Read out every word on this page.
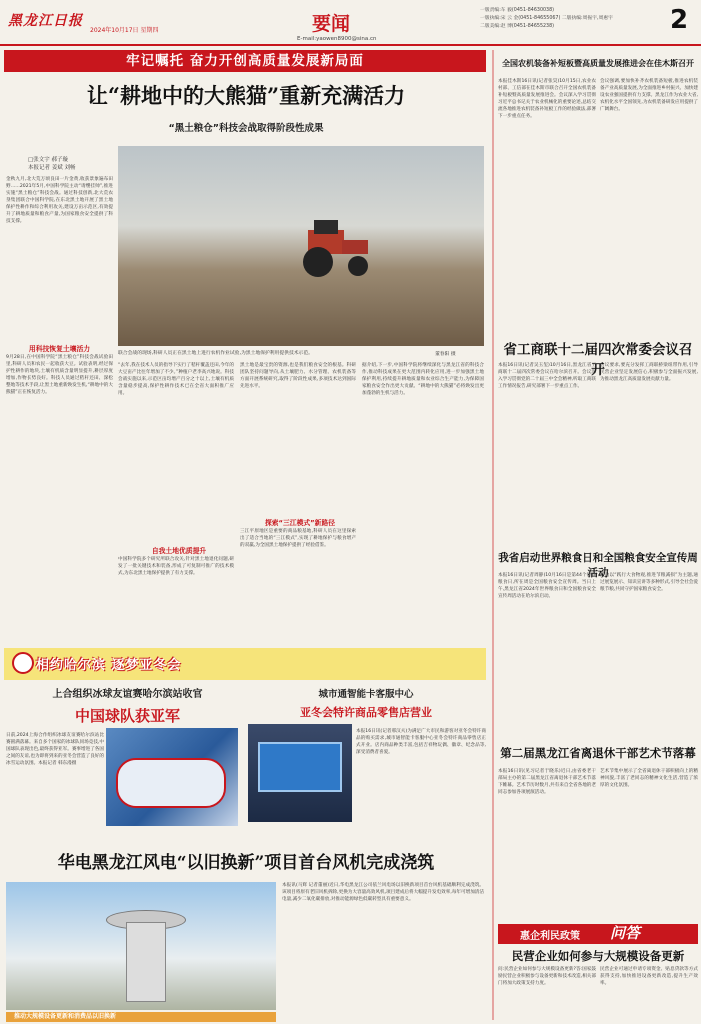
黑龙江日报
2024年10月17日 星期四	要闻
E-mail:yaowen8900@sina.cn
一版责编:车 毅(0451-84630038)
一版执编:宋 云 金(0451-84655067) 二版执编:周振宇,周惠宇
二版美编:赵 博(0451-84655238)	2
牢记嘱托 奋力开创高质量发展新局面
让“耕地中的大熊猫”重新充满活力
“黑土粮仓”科技会战取得阶段性成果
□张文宇 郝子璇
本报记者 姜斌 刘畅
金秋九月,北大荒万顷良田一片金黄,收获景象遍布田野……2021年5月,中国科学院主动“请缨挂帅”,推进实施“黑土粮仓”科技会战。通过科技创新,北大荒农垦集团联合中国科学院,在东北黑土地开展了黑土地保护性耕作和综合利用攻关,建设万亩示范区,有效提升了耕地质量和粮食产量,为国家粮食安全提供了科技支撑。
联合会战的现场,科研人员正在黑土地上进行农机作业试验,为黑土地保护利用提供技术示范。	董春阳 摄
用科技恢复土壤活力
9月28日,在中国科学院“黑土粮仓”科技会战试验田里,科研人员和农民一起收获大豆。试验表明,经过保护性耕作的地块,土壤有机质含量明显提升,耕层厚度增加,作物长势良好。科技人员通过秸秆还田、深松整地等技术手段,让黑土地重新焕发生机,“耕地中的大熊猫”正在恢复活力。
“去年,我在技术人员的指导下实行了秸秆覆盖还田,今年的大豆亩产比往年增加了不少。”种植户老李高兴地说。科技会战实施以来,示范区亩均增产百分之十以上,土壤有机质含量稳步提高,保护性耕作技术已在全省大面积推广应用。
自我土地优质提升
中国科学院多个研究所联合攻关,针对黑土地退化问题,研发了一批关键技术和装备,形成了可复制可推广的技术模式,为东北黑土地保护提供了有力支撑。
黑土地是最宝贵的资源,也是我们粮食安全的根基。科研团队坚持问题导向,从土壤肥力、水分管理、农机装备等方面开展系统研究,取得了阶段性成果,多项技术达到国际先进水平。
探索“三江模式”新路径
三江平原地区是重要的商品粮基地,科研人员在这里探索出了适合当地的“三江模式”,实现了耕地保护与粮食增产的双赢,为全国黑土地保护提供了经验借鉴。
据介绍,下一步,中国科学院将继续深化与黑龙江省的科技合作,推动科技成果在更大范围内转化应用,进一步加强黑土地保护利用,持续提升耕地质量和农业综合生产能力,为保障国家粮食安全作出更大贡献。“耕地中的大熊猫”必将焕发出更加蓬勃的生机与活力。
相约哈尔滨 逐梦亚冬会
上合组织冰球友谊赛哈尔滨站收官
中国球队获亚军
日前,2024上海合作组织冰球友谊赛哈尔滨站比赛圆满落幕。来自多个国家的冰球队同场竞技,中国球队表现出色,最终获得亚军。赛事增进了各国之间的友谊,也为即将到来的亚冬会营造了良好的冰雪运动氛围。本报记者 韩东漫摄
城市通智能卡客服中心
亚冬会特许商品零售店营业
本报16日讯(记者邢汉夫)为满足广大市民和游客对亚冬会特许商品的购买需求,城市通智能卡客服中心亚冬会特许商品零售店正式开业。店内商品种类丰富,包括吉祥物玩偶、徽章、纪念品等,深受消费者喜爱。
华电黑龙江风电“以旧换新”项目首台风机完成浇筑
本报讯(马辉 记者董丽)近日,华电黑龙江公司依兰风电场以旧换新项目首台风机基础顺利完成浇筑。该项目将原有老旧风机拆除,更换为大容量高效风机,项目建成后将大幅提升发电效率,每年可增加清洁电量,减少二氧化碳排放,对推动能源绿色低碳转型具有重要意义。
推动大规模设备更新和消费品以旧换新
全国农机装备补短板暨高质量发展推进会在佳木斯召开
本报佳木斯16日讯(记者张昊)10月15日,农业农村部、工信部在佳木斯市联合召开全国农机装备补短板暨高质量发展推进会。会议深入学习贯彻习近平总书记关于农业机械化的重要论述,总结交流各地推进农机装备补短板工作的经验做法,部署下一步重点任务。
会议强调,要加快补齐农机装备短板,推进农机装备产业高质量发展,为全面推进乡村振兴、加快建设农业强国提供有力支撑。黑龙江作为农业大省,农机化水平全国领先,为农机装备研发应用提供了广阔舞台。
省工商联十二届四次常委会议召开
本报16日讯(记者吴玉玺)10月16日,黑龙江省工商联十二届四次常委会议在哈尔滨召开。会议深入学习贯彻党的二十届三中全会精神,听取工商联工作情况报告,研究部署下一步重点工作。
会议要求,要充分发挥工商联桥梁纽带作用,引导民营企业坚定发展信心,积极参与全面振兴发展,为推动黑龙江高质量发展贡献力量。
我省启动世界粮食日和全国粮食安全宣传周活动
本报16日讯(记者周静)10月16日是第44个世界粮食日,所在周是全国粮食安全宣传周。当日上午,黑龙江省2024年世界粮食日和全国粮食安全宣传周活动在哈尔滨启动。
活动以“践行大食物观,推进节粮减损”为主题,通过展览展示、知识宣讲等多种形式,引导全社会爱粮节粮,共同守护国家粮食安全。
第二届黑龙江省离退休干部艺术节落幕
本报16日讯(见习记者于晓乐)近日,由省委老干部局主办的第二届黑龙江省离退休干部艺术节落下帷幕。艺术节历时数月,共有来自全省各地的老同志参加各项展演活动。
艺术节集中展示了全省离退休干部积极向上的精神风貌,丰富了老同志的精神文化生活,营造了浓厚的文化氛围。
惠企利民政策 问答
民营企业如何参与大规模设备更新
问:民营企业如何参与大规模设备更新?答:国家鼓励民营企业积极参与设备更新和技术改造,相关部门将加大政策支持力度。
民营企业可通过申请专项资金、贴息贷款等方式获得支持,加快推进设备更新改造,提升生产效率。
